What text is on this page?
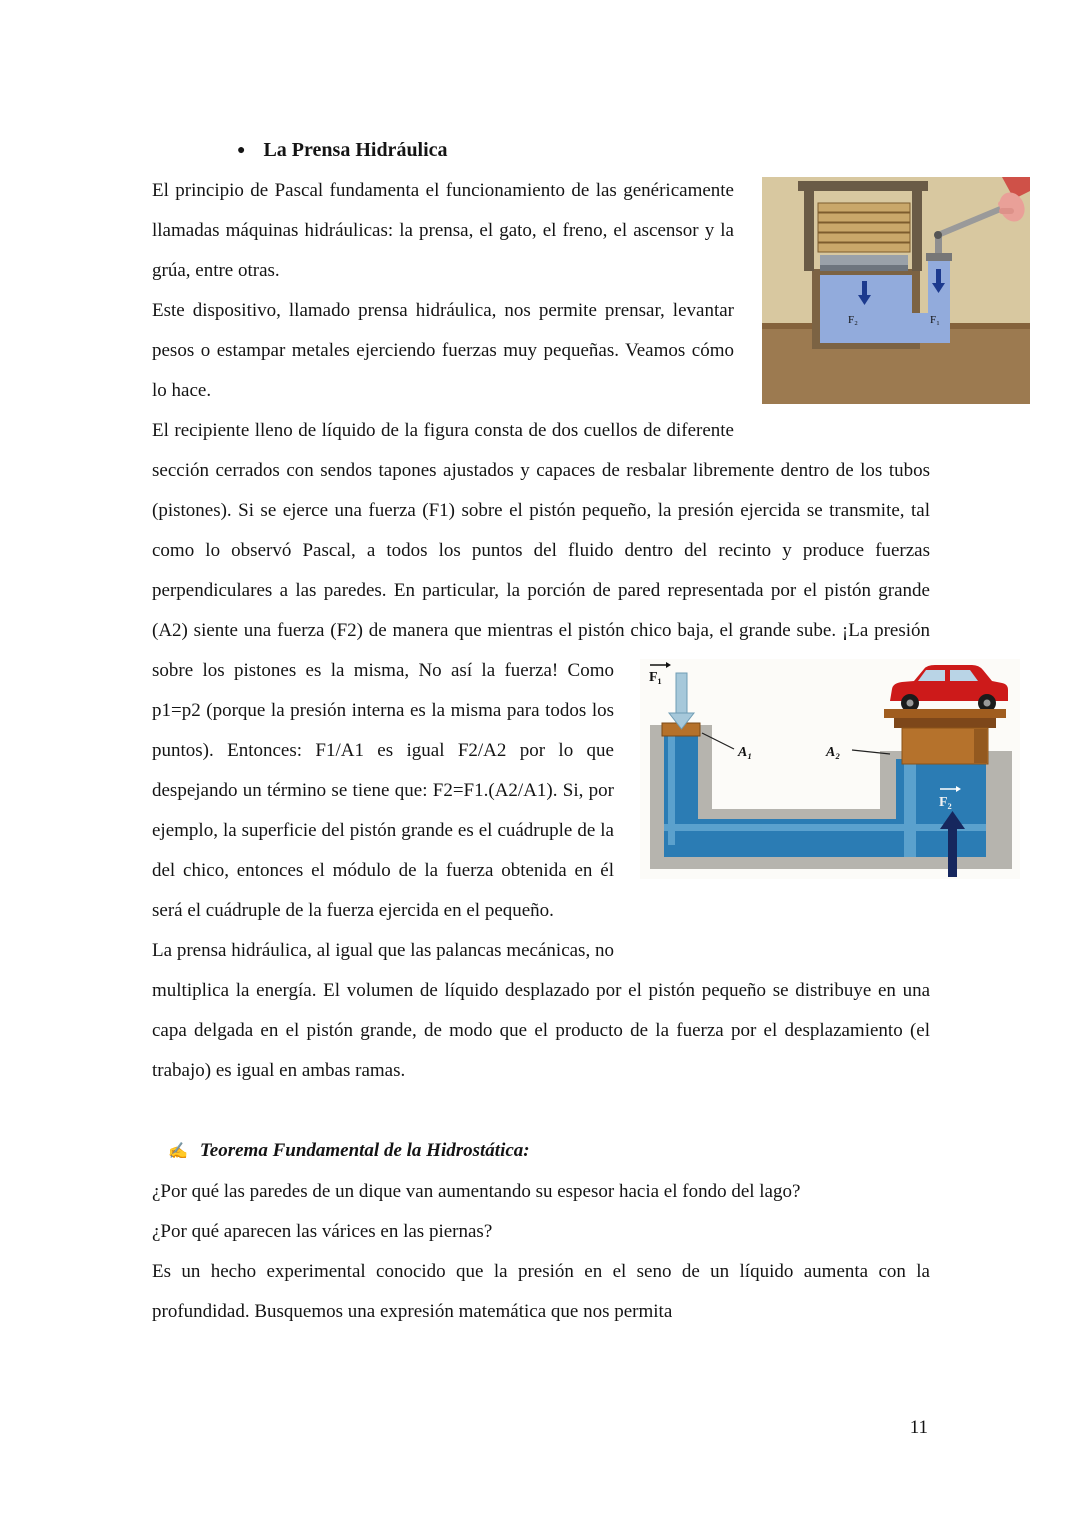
● La Prensa Hidráulica

F₂	F₁
El principio de Pascal fundamenta el funcionamiento de las genéricamente llamadas máquinas hidráulicas: la prensa, el gato, el freno, el ascensor y la grúa, entre otras.

Este dispositivo, llamado prensa hidráulica, nos permite prensar, levantar pesos o estampar metales ejerciendo fuerzas muy pequeñas. Veamos cómo lo hace.

El recipiente lleno de líquido de la figura consta de dos cuellos de diferente sección cerrados con sendos tapones ajustados y capaces de resbalar libremente dentro de los tubos (pistones). Si se ejerce una fuerza (F1) sobre el pistón pequeño, la presión ejercida se transmite, tal como lo observó Pascal, a todos los puntos del fluido dentro del recinto y produce fuerzas perpendiculares a las paredes. En particular, la porción de pared representada por el pistón grande (A2) siente una fuerza (F2) de manera que mientras el pistón chico baja, el grande sube. ¡La presión
F₁
A₁	A₂
F₂
sobre los pistones es la misma, No así la fuerza! Como p1=p2 (porque la presión interna es la misma para todos los puntos). Entonces: F1/A1 es igual F2/A2 por lo que despejando un término se tiene que: F2=F1.(A2/A1). Si, por ejemplo, la superficie del pistón grande es el cuádruple de la del chico, entonces el módulo de la fuerza obtenida en él será el cuádruple de la fuerza ejercida en el pequeño.

La prensa hidráulica, al igual que las palancas mecánicas, no multiplica la energía. El volumen de líquido desplazado por el pistón pequeño se distribuye en una capa delgada en el pistón grande, de modo que el producto de la fuerza por el desplazamiento (el trabajo) es igual en ambas ramas.

✍ Teorema Fundamental de la Hidrostática:

¿Por qué las paredes de un dique van aumentando su espesor hacia el fondo del lago?

¿Por qué aparecen las várices en las piernas?

Es un hecho experimental conocido que la presión en el seno de un líquido aumenta con la profundidad. Busquemos una expresión matemática que nos permita

11
